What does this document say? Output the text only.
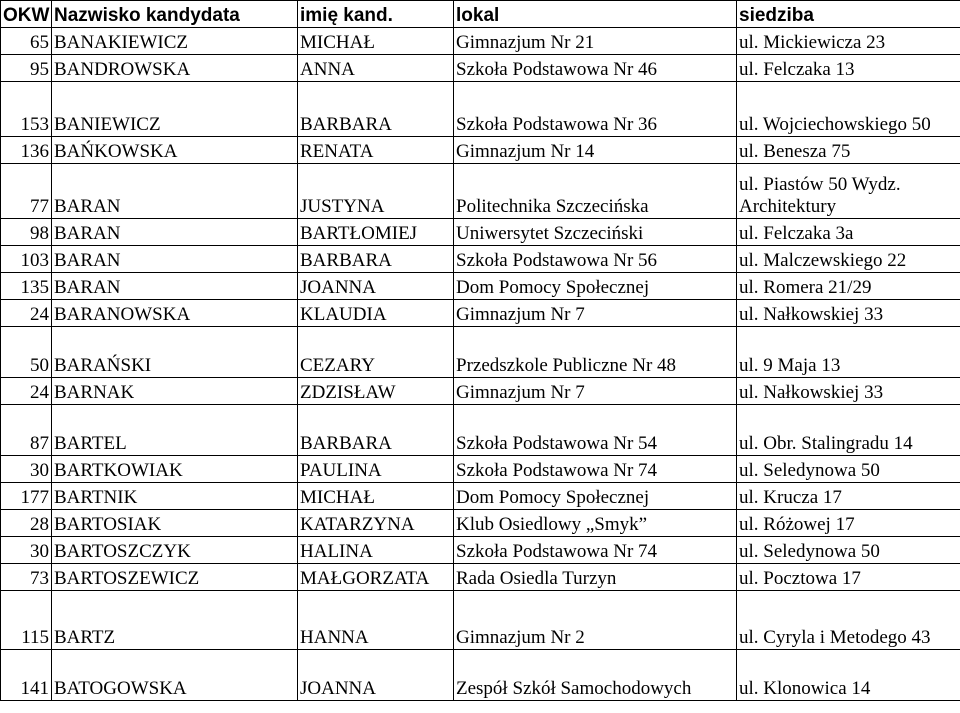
OKW	Nazwisko kandydata	imię kand.	lokal	siedziba
65	BANAKIEWICZ	MICHAŁ	Gimnazjum Nr 21	ul. Mickiewicza 23
95	BANDROWSKA	ANNA	Szkoła Podstawowa Nr 46	ul. Felczaka 13
153	BANIEWICZ	BARBARA	Szkoła Podstawowa Nr 36	ul. Wojciechowskiego 50
136	BAŃKOWSKA	RENATA	Gimnazjum Nr 14	ul. Benesza 75
77	BARAN	JUSTYNA	Politechnika Szczecińska	ul. Piastów 50 Wydz. Architektury
98	BARAN	BARTŁOMIEJ	Uniwersytet Szczeciński	ul. Felczaka 3a
103	BARAN	BARBARA	Szkoła Podstawowa Nr 56	ul. Malczewskiego 22
135	BARAN	JOANNA	Dom Pomocy Społecznej	ul. Romera 21/29
24	BARANOWSKA	KLAUDIA	Gimnazjum Nr 7	ul. Nałkowskiej 33
50	BARAŃSKI	CEZARY	Przedszkole Publiczne Nr 48	ul. 9 Maja 13
24	BARNAK	ZDZISŁAW	Gimnazjum Nr 7	ul. Nałkowskiej 33
87	BARTEL	BARBARA	Szkoła Podstawowa Nr 54	ul. Obr. Stalingradu 14
30	BARTKOWIAK	PAULINA	Szkoła Podstawowa Nr 74	ul. Seledynowa 50
177	BARTNIK	MICHAŁ	Dom Pomocy Społecznej	ul. Krucza 17
28	BARTOSIAK	KATARZYNA	Klub Osiedlowy „Smyk”	ul. Różowej 17
30	BARTOSZCZYK	HALINA	Szkoła Podstawowa Nr 74	ul. Seledynowa 50
73	BARTOSZEWICZ	MAŁGORZATA	Rada Osiedla Turzyn	ul. Pocztowa 17
115	BARTZ	HANNA	Gimnazjum Nr 2	ul. Cyryla i Metodego 43
141	BATOGOWSKA	JOANNA	Zespół Szkół Samochodowych	ul. Klonowica 14
